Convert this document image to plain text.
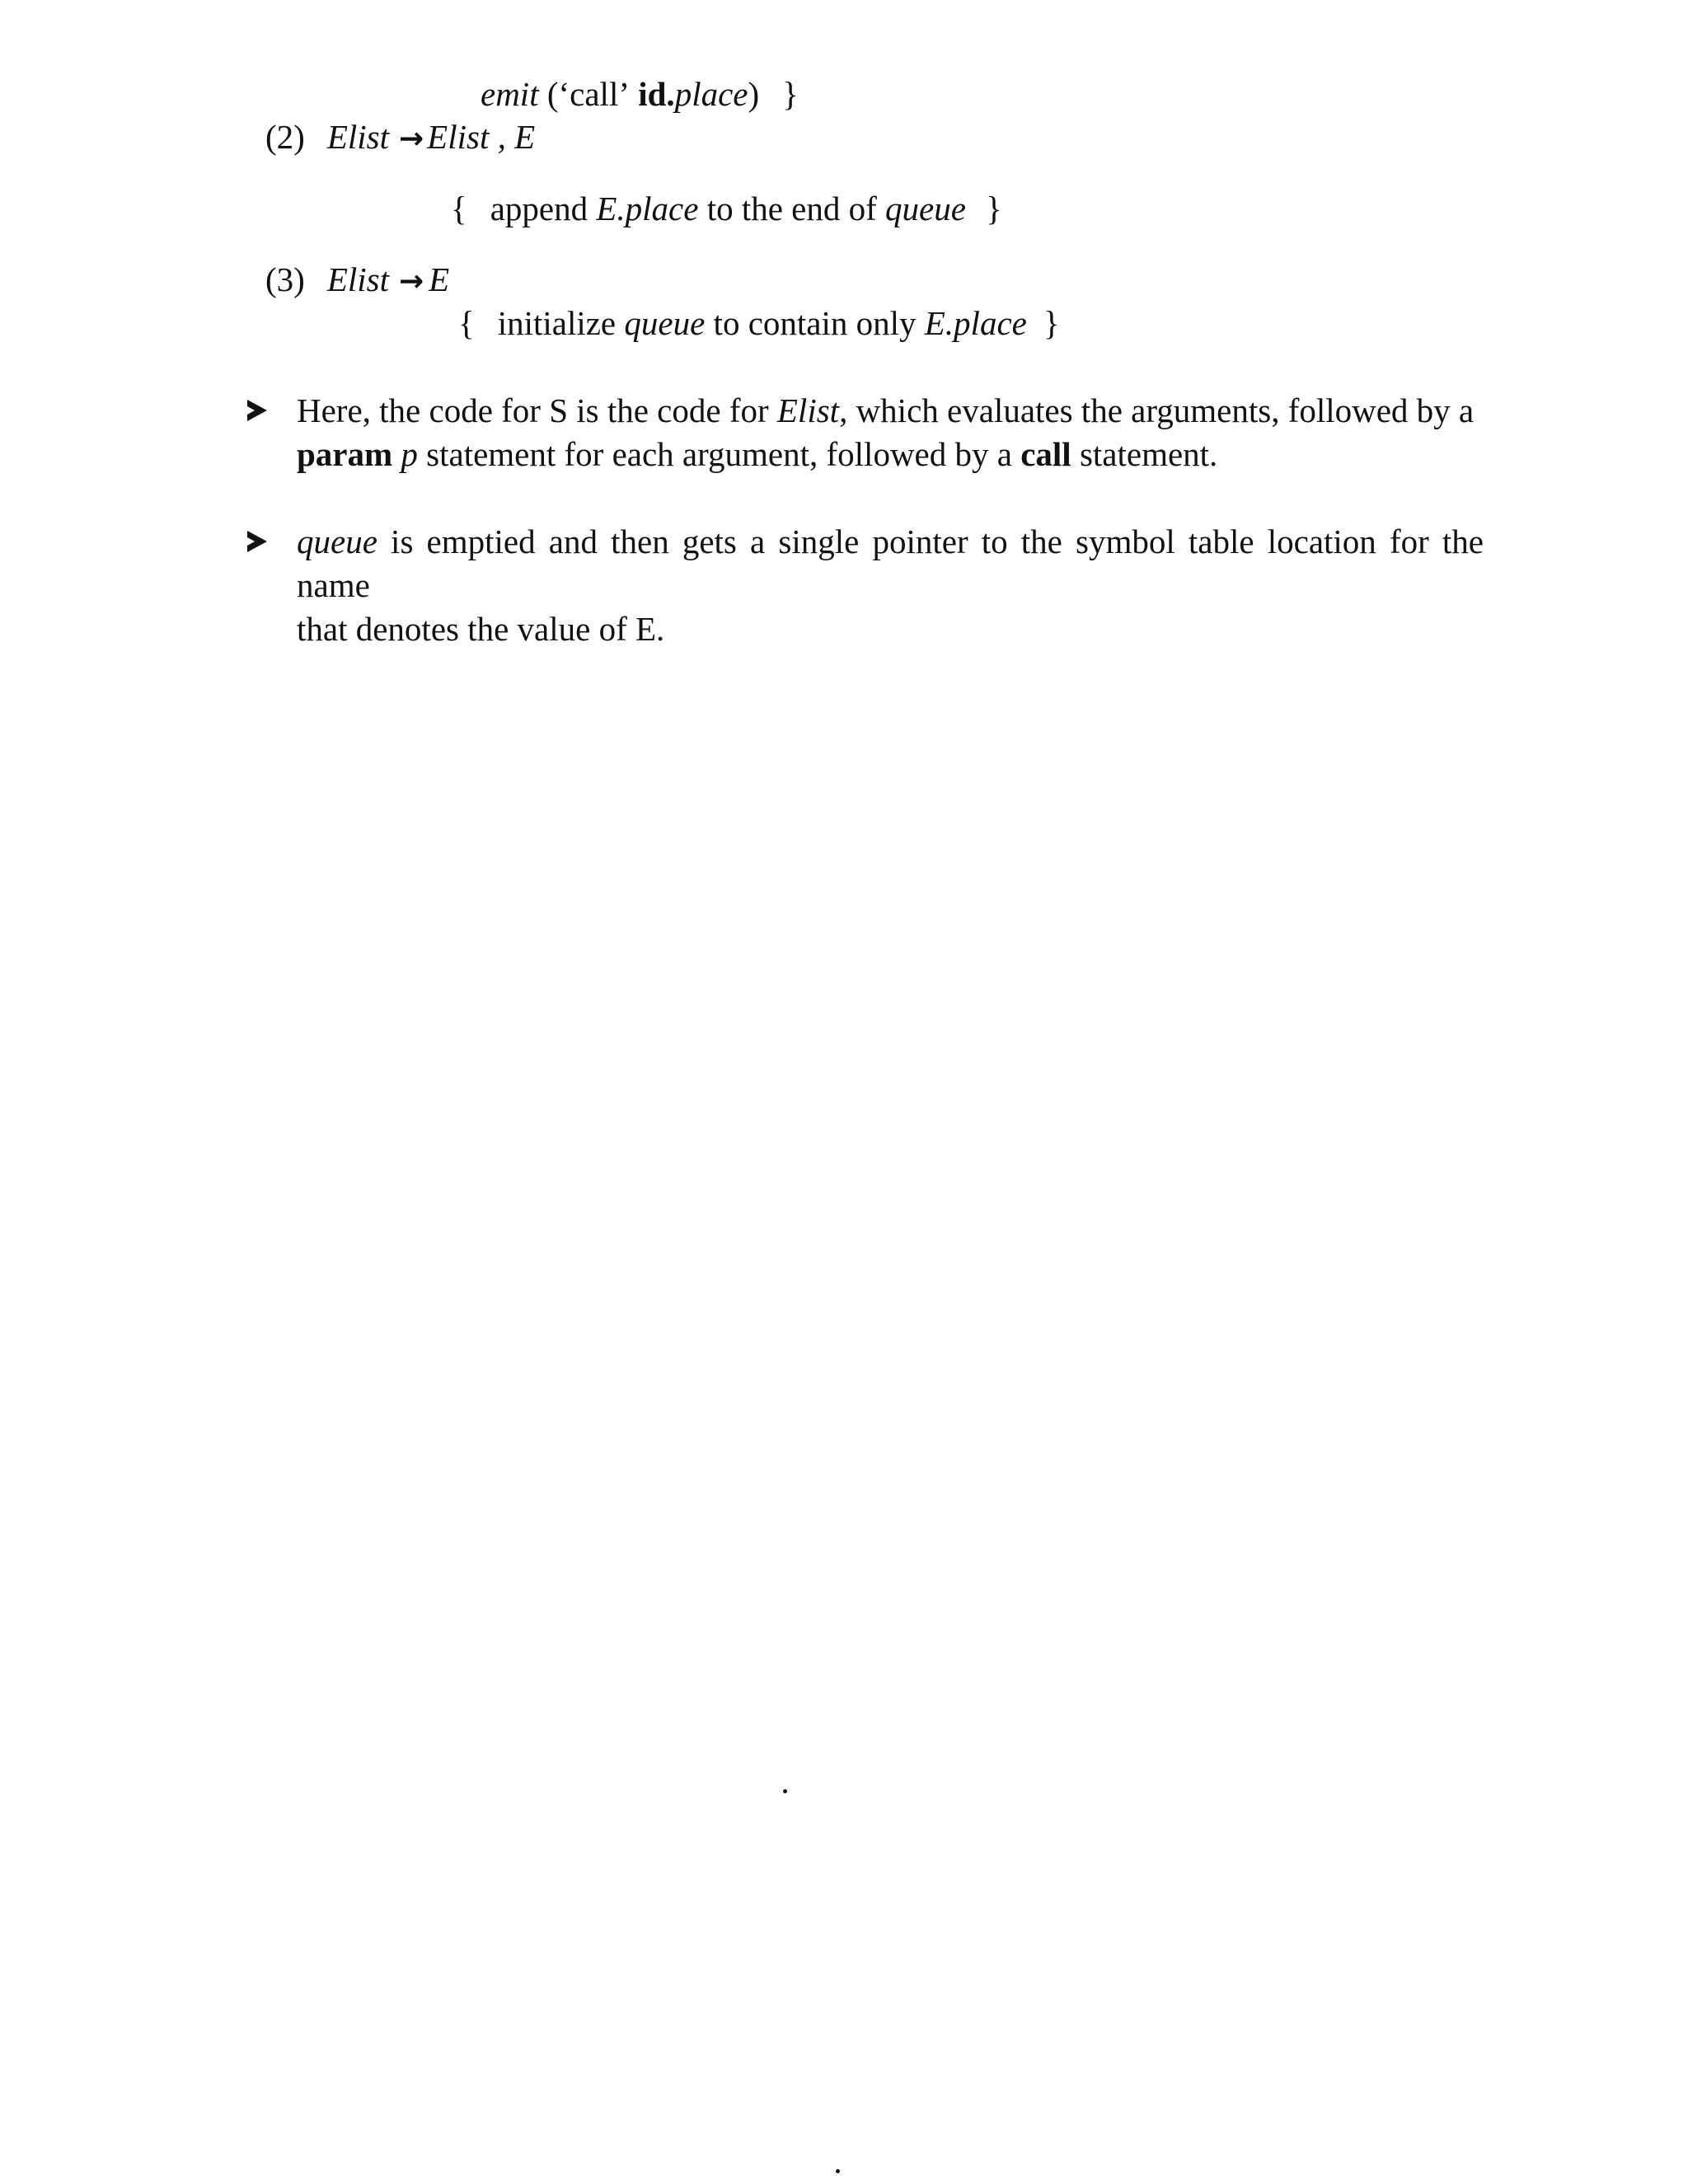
emit (‘call’ id.place) }
(2) Elist →Elist , E
{ append E.place to the end of queue }
(3) Elist → E
{ initialize queue to contain only E.place }
Here, the code for S is the code for Elist, which evaluates the arguments, followed by a
param p statement for each argument, followed by a call statement.
queue is emptied and then gets a single pointer to the symbol table location for the name
that denotes the value of E.
